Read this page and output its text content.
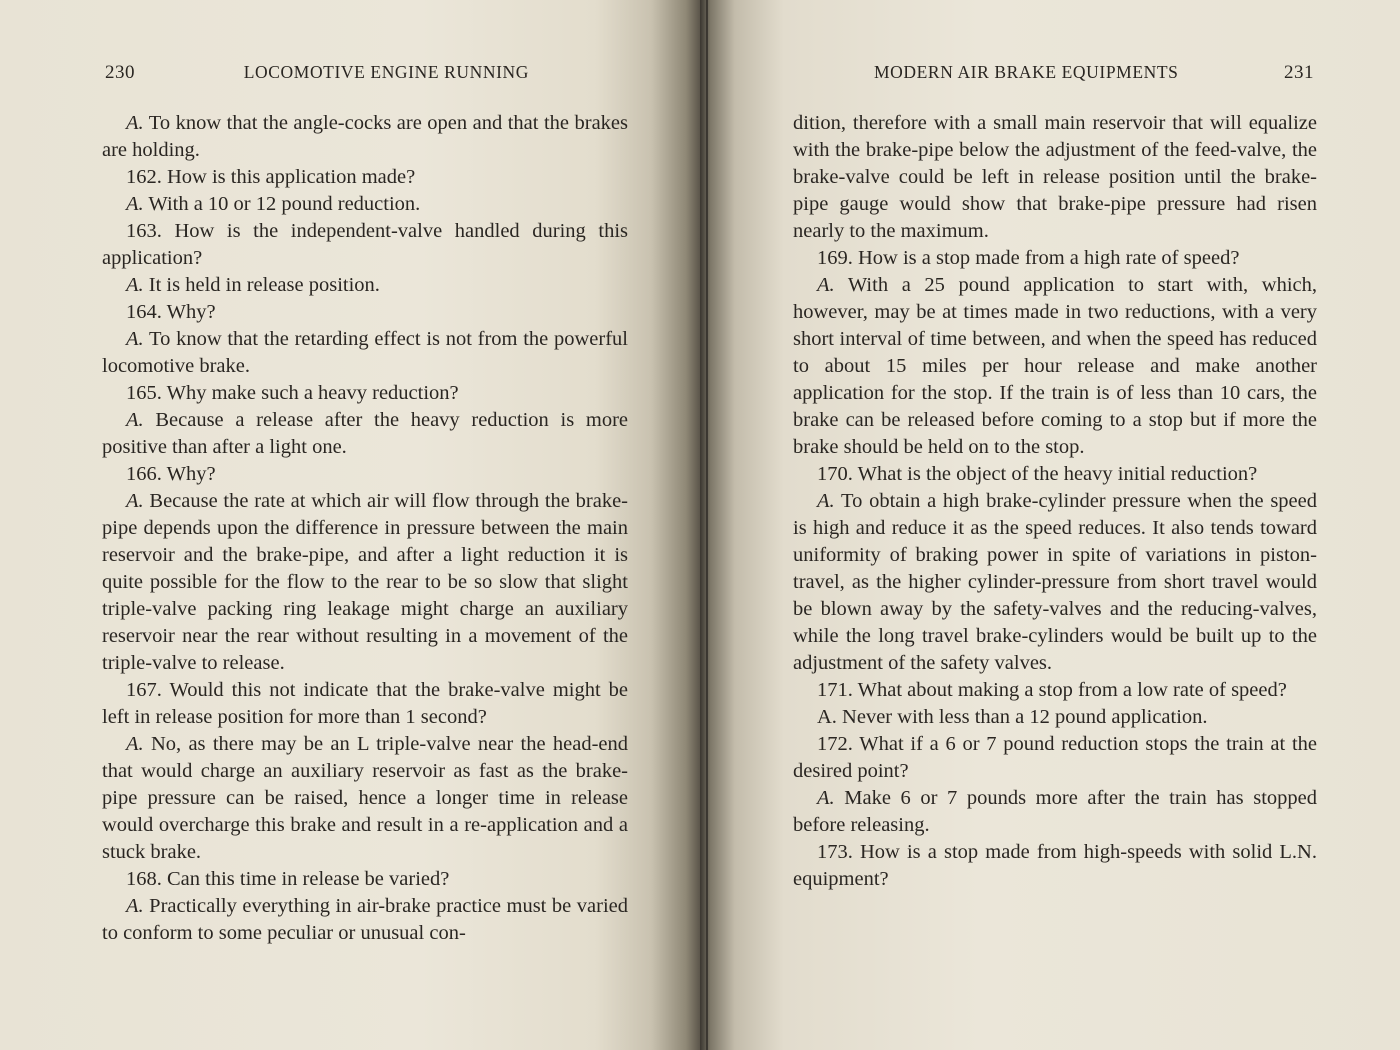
230	LOCOMOTIVE ENGINE RUNNING

A. To know that the angle-cocks are open and that the brakes are holding.

162. How is this application made?

A. With a 10 or 12 pound reduction.

163. How is the independent-valve handled during this application?

A. It is held in release position.

164. Why?

A. To know that the retarding effect is not from the powerful locomotive brake.

165. Why make such a heavy reduction?

A. Because a release after the heavy reduction is more positive than after a light one.

166. Why?

A. Because the rate at which air will flow through the brake-pipe depends upon the difference in pressure between the main reservoir and the brake-pipe, and after a light reduction it is quite possible for the flow to the rear to be so slow that slight triple-valve packing ring leakage might charge an auxiliary reservoir near the rear without resulting in a movement of the triple-valve to release.

167. Would this not indicate that the brake-valve might be left in release position for more than 1 second?

A. No, as there may be an L triple-valve near the head-end that would charge an auxiliary reservoir as fast as the brake-pipe pressure can be raised, hence a longer time in release would overcharge this brake and result in a re-application and a stuck brake.

168. Can this time in release be varied?

A. Practically everything in air-brake practice must be varied to conform to some peculiar or unusual con-

MODERN AIR BRAKE EQUIPMENTS	231

dition, therefore with a small main reservoir that will equalize with the brake-pipe below the adjustment of the feed-valve, the brake-valve could be left in release position until the brake-pipe gauge would show that brake-pipe pressure had risen nearly to the maximum.

169. How is a stop made from a high rate of speed?

A. With a 25 pound application to start with, which, however, may be at times made in two reductions, with a very short interval of time between, and when the speed has reduced to about 15 miles per hour release and make another application for the stop. If the train is of less than 10 cars, the brake can be released before coming to a stop but if more the brake should be held on to the stop.

170. What is the object of the heavy initial reduction?

A. To obtain a high brake-cylinder pressure when the speed is high and reduce it as the speed reduces. It also tends toward uniformity of braking power in spite of variations in piston-travel, as the higher cylinder-pressure from short travel would be blown away by the safety-valves and the reducing-valves, while the long travel brake-cylinders would be built up to the adjustment of the safety valves.

171. What about making a stop from a low rate of speed?

A. Never with less than a 12 pound application.

172. What if a 6 or 7 pound reduction stops the train at the desired point?

A. Make 6 or 7 pounds more after the train has stopped before releasing.

173. How is a stop made from high-speeds with solid L.N. equipment?
